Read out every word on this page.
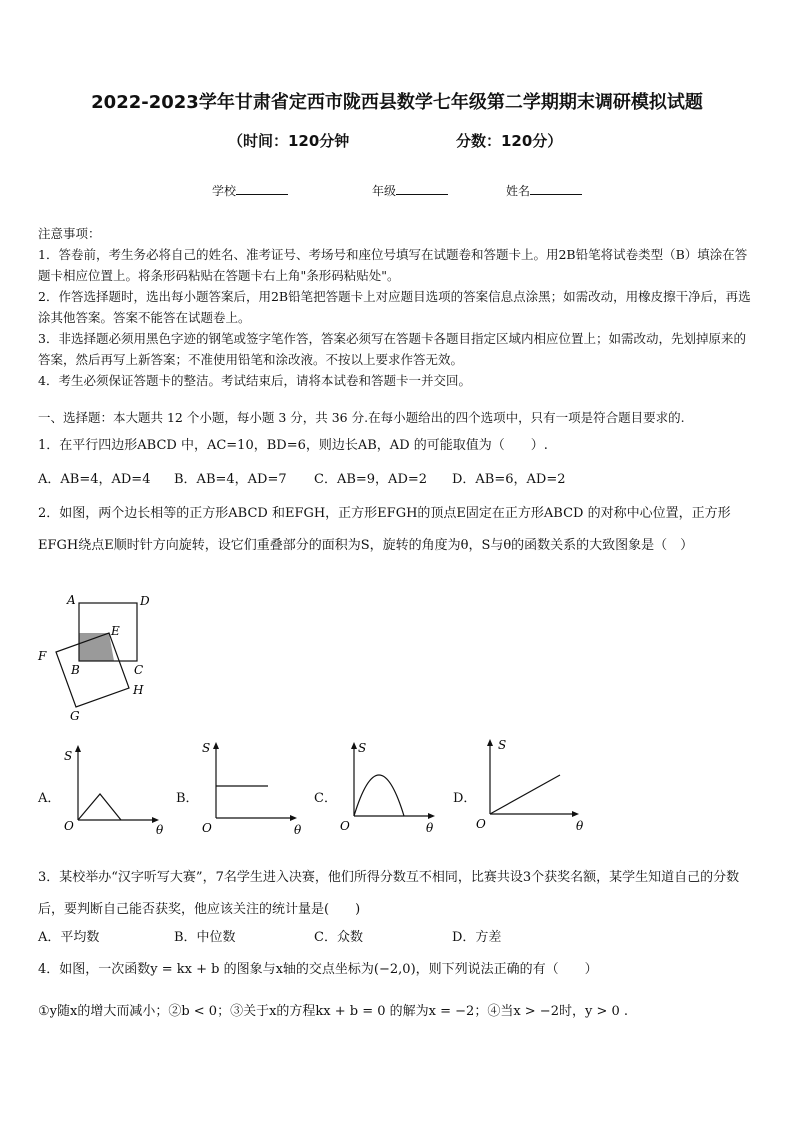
2022-2023学年甘肃省定西市陇西县数学七年级第二学期期末调研模拟试题
（时间：120分钟	分数：120分）
学校	年级	姓名

注意事项：

1．答卷前，考生务必将自己的姓名、准考证号、考场号和座位号填写在试题卷和答题卡上。用2B铅笔将试卷类型（B）填涂在答题卡相应位置上。将条形码粘贴在答题卡右上角"条形码粘贴处"。

2．作答选择题时，选出每小题答案后，用2B铅笔把答题卡上对应题目选项的答案信息点涂黑；如需改动，用橡皮擦干净后，再选涂其他答案。答案不能答在试题卷上。

3．非选择题必须用黑色字迹的钢笔或签字笔作答，答案必须写在答题卡各题目指定区域内相应位置上；如需改动，先划掉原来的答案，然后再写上新答案；不准使用铅笔和涂改液。不按以上要求作答无效。

4．考生必须保证答题卡的整洁。考试结束后，请将本试卷和答题卡一并交回。

一、选择题：本大题共 12 个小题，每小题 3 分，共 36 分.在每小题给出的四个选项中，只有一项是符合题目要求的.
1．在平行四边形ABCD 中，AC=10，BD=6，则边长AB，AD 的可能取值为（　　）.
A．AB=4，AD=4 B．AB=4，AD=7 C．AB=9，AD=2 D．AB=6，AD=2
2．如图，两个边长相等的正方形ABCD 和EFGH，正方形EFGH的顶点E固定在正方形ABCD 的对称中心位置，正方形EFGH绕点E顺时针方向旋转，设它们重叠部分的面积为S，旋转的角度为θ，S与θ的函数关系的大致图象是（　）
A	D
E
F
B	C
H
G
A．
S
O	θ
B．
S
O	θ
C．
S
O	θ
D．
S
O	θ
3．某校举办“汉字听写大赛”，7名学生进入决赛，他们所得分数互不相同，比赛共设3个获奖名额，某学生知道自己的分数后，要判断自己能否获奖，他应该关注的统计量是(　　)
A．平均数	B．中位数	C．众数	D．方差
4．如图，一次函数y = kx + b 的图象与x轴的交点坐标为(−2,0)，则下列说法正确的有（　　）
①y随x的增大而减小；②b < 0；③关于x的方程kx + b = 0 的解为x = −2；④当x > −2时，y > 0 .
